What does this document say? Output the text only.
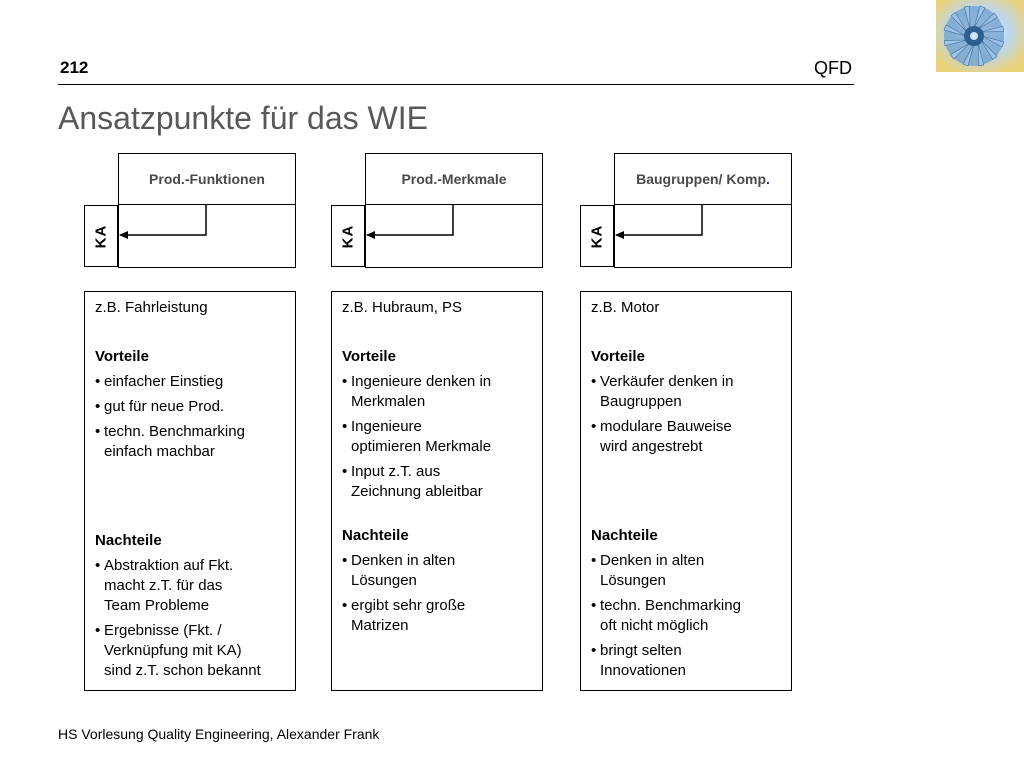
212	QFD
Ansatzpunkte für das WIE
Prod.-Funktionen
KA
Prod.-Merkmale
KA
Baugruppen/ Komp .
KA
z.B. Fahrleistung
Vorteile
• einfacher Einstieg
• gut für neue Prod.
• techn. Benchmarking
einfach machbar
Nachteile
• Abstraktion auf Fkt.
macht z.T. für das
Team Probleme
• Ergebnisse (Fkt. /
Verknüpfung mit KA)
sind z.T. schon bekannt
z.B. Hubraum, PS
Vorteile
• Ingenieure denken in
Merkmalen
• Ingenieure
optimieren Merkmale
• Input z.T. aus
Zeichnung ableitbar
Nachteile
• Denken in alten
Lösungen
• ergibt sehr große
Matrizen
z.B. Motor
Vorteile
• Verkäufer denken in
Baugruppen
• modulare Bauweise
wird angestrebt
Nachteile
• Denken in alten
Lösungen
• techn. Benchmarking
oft nicht möglich
• bringt selten
Innovationen
HS Vorlesung Quality Engineering, Alexander Frank
